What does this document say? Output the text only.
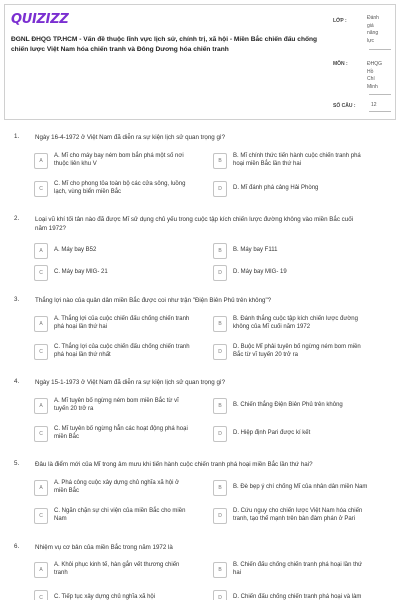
QUIZIZZ
ĐGNL ĐHQG TP.HCM - Vấn đề thuộc lĩnh vực lịch sử, chính trị, xã hội - Miền Bắc chiến đấu chống chiến lược Việt Nam hóa chiến tranh và Đông Dương hóa chiến tranh
LỚP :	Đánh
giá
năng
lực
MÔN :	ĐHQG
Hồ
Chí
Minh
SỐ CÂU :	12
1.	Ngày 16-4-1972 ở Việt Nam đã diễn ra sự kiện lịch sử quan trọng gì?
A
A. Mĩ cho máy bay ném bom bắn phá một số nơi
thuộc liên khu V	B
B. Mĩ chính thức tiến hành cuộc chiến tranh phá
hoại miền Bắc lần thứ hai
C
C. Mĩ cho phong tỏa toàn bộ các cửa sông, luồng
lạch, vùng biển miền Bắc	D	D. Mĩ đánh phá cảng Hải Phòng
2.	Loại vũ khí tối tân nào đã được Mĩ sử dụng chủ yếu trong cuộc tập kích chiến lược đường không vào miền Bắc cuối
năm 1972?
A	A. Máy bay B52	B	B. Máy bay F111
C	C. Máy bay MIG- 21	D	D. Máy bay MIG- 19
3.	Thắng lợi nào của quân dân miền Bắc được coi như trận "Điện Biên Phủ trên không"?
A
A. Thắng lợi của cuộc chiến đấu chống chiến tranh
phá hoại lần thứ hai	B
B. Đánh thắng cuộc tập kích chiến lược đường
không của Mĩ cuối năm 1972
C
C. Thắng lợi của cuộc chiến đấu chống chiến tranh
phá hoại lần thứ nhất	D
D. Buộc Mĩ phải tuyên bố ngừng ném bom miền
Bắc từ vĩ tuyến 20 trở ra
4.	Ngày 15-1-1973 ở Việt Nam đã diễn ra sự kiện lịch sử quan trọng gì?
A
A. Mĩ tuyên bố ngừng ném bom miền Bắc từ vĩ
tuyến 20 trở ra	B	B. Chiến thắng Điện Biên Phủ trên không
C
C. Mĩ tuyên bố ngừng hẳn các hoạt động phá hoại
miền Bắc	D	D. Hiệp định Pari được kí kết
5.	Đâu là điểm mới của Mĩ trong âm mưu khi tiến hành cuộc chiến tranh phá hoại miền Bắc lần thứ hai?
A
A. Phá công cuộc xây dựng chủ nghĩa xã hội ở
miền Bắc	B	B. Đè bẹp ý chí chống Mĩ của nhân dân miền Nam
C
C. Ngăn chặn sự chi viện của miền Bắc cho miền
Nam	D
D. Cứu nguy cho chiến lược Việt Nam hóa chiến
tranh, tạo thế mạnh trên bàn đàm phán ở Pari
6.	Nhiệm vụ cơ bản của miền Bắc trong năm 1972 là
A
A. Khôi phục kinh tế, hàn gắn vết thương chiến
tranh	B
B. Chiến đấu chống chiến tranh phá hoại lần thứ
hai
C	C. Tiếp tục xây dựng chủ nghĩa xã hội	D	D. Chiến đấu chống chiến tranh phá hoại và làm
